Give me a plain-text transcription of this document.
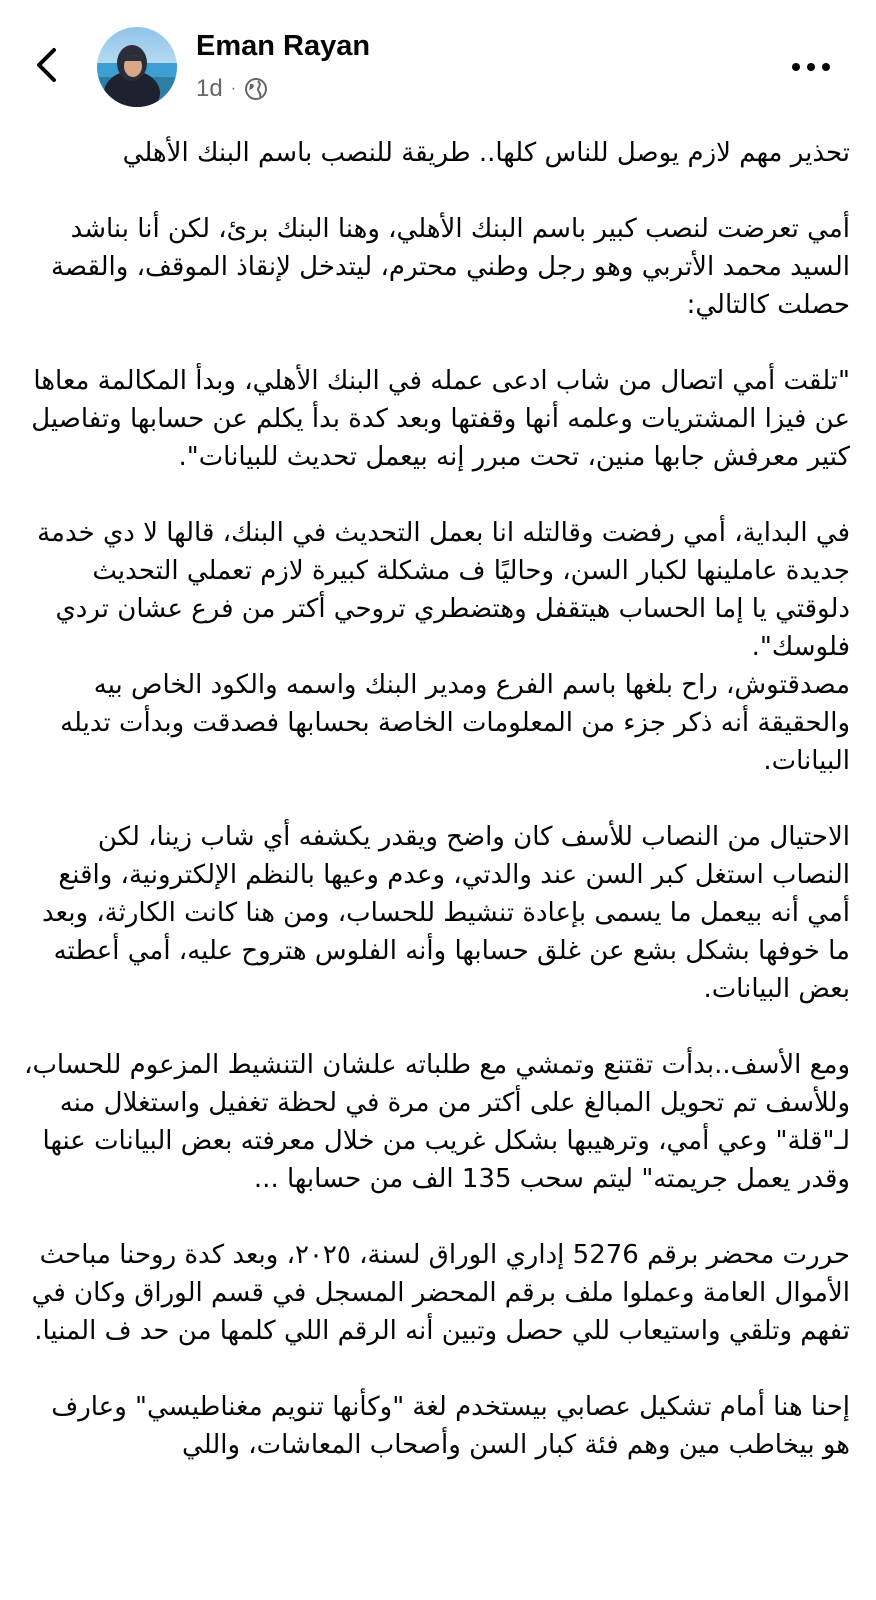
Eman Rayan
1d ·

تحذير مهم لازم يوصل للناس كلها.. طريقة للنصب باسم البنك الأهلي

أمي تعرضت لنصب كبير باسم البنك الأهلي، وهنا البنك برئ، لكن أنا بناشد السيد محمد الأتربي وهو رجل وطني محترم، ليتدخل لإنقاذ الموقف، والقصة حصلت كالتالي:

"تلقت أمي اتصال من شاب ادعى عمله في البنك الأهلي، وبدأ المكالمة معاها عن فيزا المشتريات وعلمه أنها وقفتها وبعد كدة بدأ يكلم عن حسابها وتفاصيل كتير معرفش جابها منين، تحت مبرر إنه بيعمل تحديث للبيانات".

في البداية، أمي رفضت وقالتله انا بعمل التحديث في البنك، قالها لا دي خدمة جديدة عاملينها لكبار السن، وحاليًا ف مشكلة كبيرة لازم تعملي التحديث دلوقتي يا إما الحساب هيتقفل وهتضطري تروحي أكتر من فرع عشان تردي فلوسك".

مصدقتوش، راح بلغها باسم الفرع ومدير البنك واسمه والكود الخاص بيه والحقيقة أنه ذكر جزء من المعلومات الخاصة بحسابها فصدقت وبدأت تديله البيانات.

الاحتيال من النصاب للأسف كان واضح ويقدر يكشفه أي شاب زينا، لكن النصاب استغل كبر السن عند والدتي، وعدم وعيها بالنظم الإلكترونية، واقنع أمي أنه بيعمل ما يسمى بإعادة تنشيط للحساب، ومن هنا كانت الكارثة، وبعد ما خوفها بشكل بشع عن غلق حسابها وأنه الفلوس هتروح عليه، أمي أعطته بعض البيانات.

ومع الأسف..بدأت تقتنع وتمشي مع طلباته علشان التنشيط المزعوم للحساب، وللأسف تم تحويل المبالغ على أكتر من مرة في لحظة تغفيل واستغلال منه لـ"قلة" وعي أمي، وترهيبها بشكل غريب من خلال معرفته بعض البيانات عنها وقدر يعمل جريمته" ليتم سحب 135 الف من حسابها ...

حررت محضر برقم 5276 إداري الوراق لسنة، ٢٠٢٥، وبعد كدة روحنا مباحث الأموال العامة وعملوا ملف برقم المحضر المسجل في قسم الوراق وكان في تفهم وتلقي واستيعاب للي حصل وتبين أنه الرقم اللي كلمها من حد ف المنيا.

إحنا هنا أمام تشكيل عصابي بيستخدم لغة "وكأنها تنويم مغناطيسي" وعارف هو بيخاطب مين وهم فئة كبار السن وأصحاب المعاشات، واللي
